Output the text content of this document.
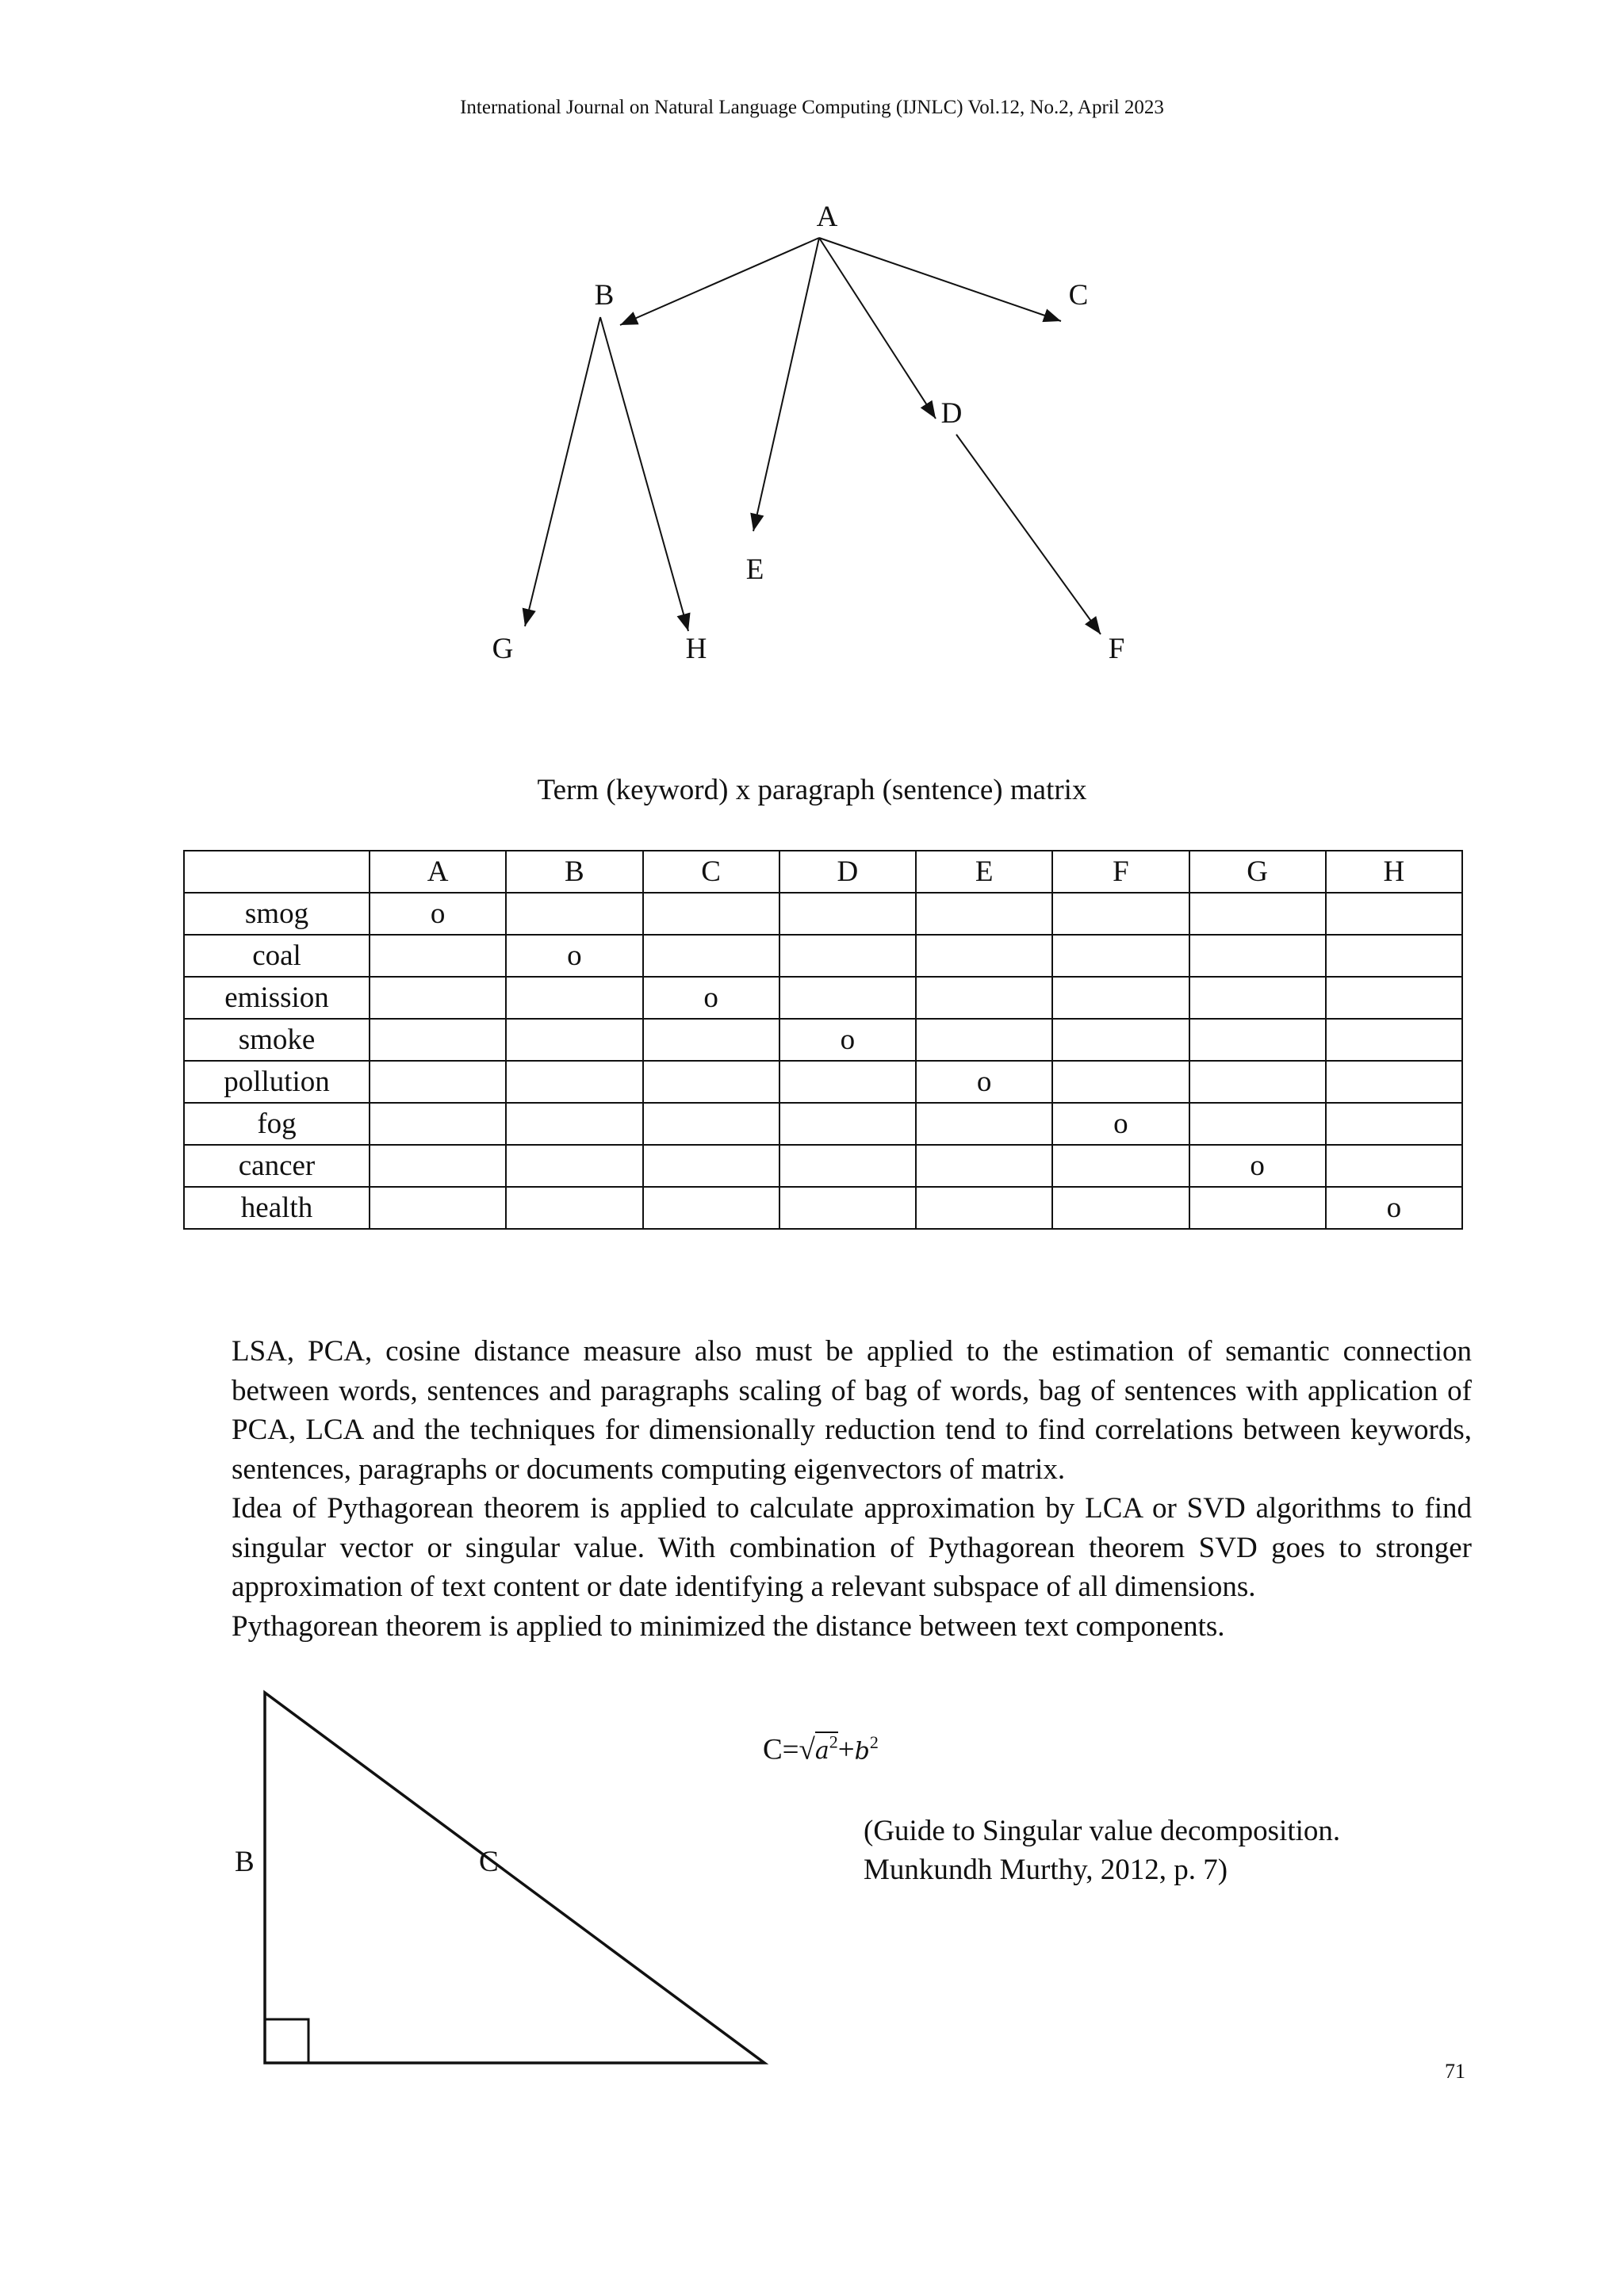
International Journal on Natural Language Computing (IJNLC) Vol.12, No.2, April 2023
A
B	C
D
E
F
G	H
Term (keyword) x paragraph (sentence) matrix
	A	B	C	D	E	F	G	H
smog	o							
coal		o						
emission			o					
smoke				o				
pollution					o			
fog						o		
cancer							o	
health								o

LSA, PCA, cosine distance measure also must be applied to the estimation of semantic connection between words, sentences and paragraphs scaling of bag of words, bag of sentences with application of PCA, LCA and the techniques for dimensionally reduction tend to find correlations between keywords, sentences, paragraphs or documents computing eigenvectors of matrix.

Idea of Pythagorean theorem is applied to calculate approximation by LCA or SVD algorithms to find singular vector or singular value. With combination of Pythagorean theorem SVD goes to stronger approximation of text content or date identifying a relevant subspace of all dimensions.

Pythagorean theorem is applied to minimized the distance between text components.

B	C
$C=√a^2+b^2$
(Guide to Singular value decomposition.
Munkundh Murthy, 2012, p. 7)
71
